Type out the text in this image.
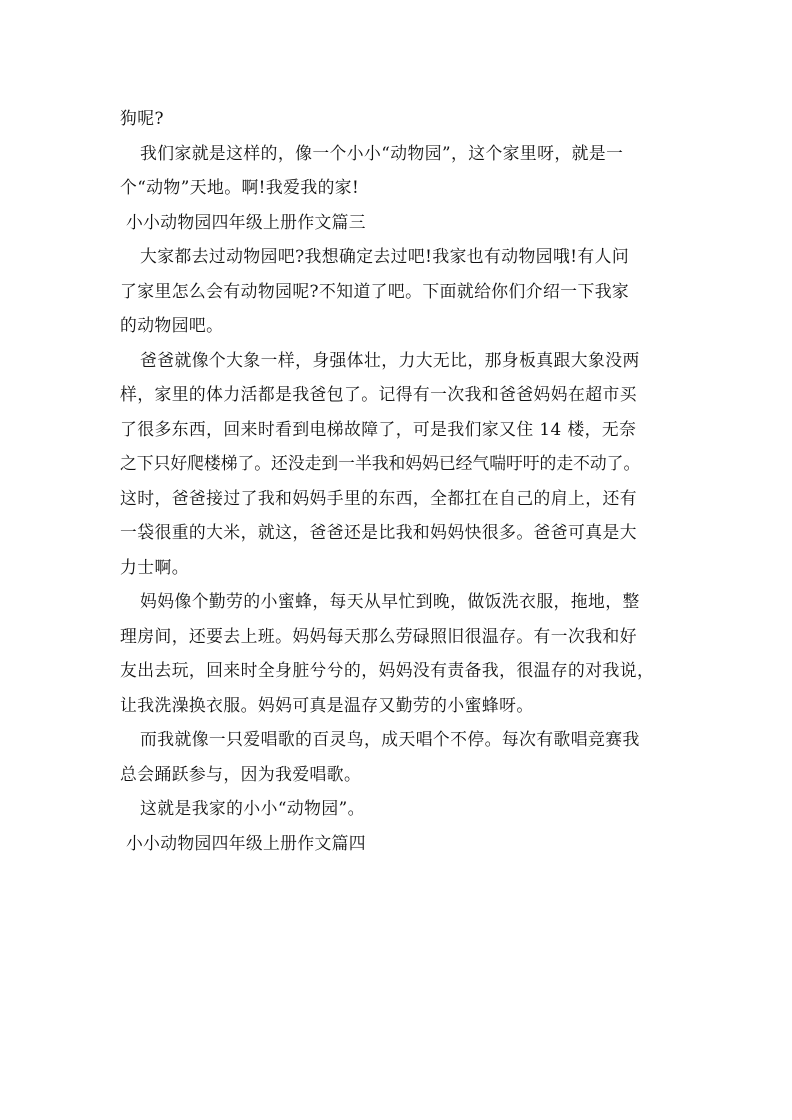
狗呢?
我们家就是这样的，像一个小小“动物园”，这个家里呀，就是一
个“动物”天地。啊!我爱我的家!
小小动物园四年级上册作文篇三
大家都去过动物园吧?我想确定去过吧!我家也有动物园哦!有人问
了家里怎么会有动物园呢?不知道了吧。下面就给你们介绍一下我家
的动物园吧。
爸爸就像个大象一样，身强体壮，力大无比，那身板真跟大象没两
样，家里的体力活都是我爸包了。记得有一次我和爸爸妈妈在超市买
了很多东西，回来时看到电梯故障了，可是我们家又住 14 楼，无奈
之下只好爬楼梯了。还没走到一半我和妈妈已经气喘吁吁的走不动了。
这时，爸爸接过了我和妈妈手里的东西，全都扛在自己的肩上，还有
一袋很重的大米，就这，爸爸还是比我和妈妈快很多。爸爸可真是大
力士啊。
妈妈像个勤劳的小蜜蜂，每天从早忙到晚，做饭洗衣服，拖地，整
理房间，还要去上班。妈妈每天那么劳碌照旧很温存。有一次我和好
友出去玩，回来时全身脏兮兮的，妈妈没有责备我，很温存的对我说，
让我洗澡换衣服。妈妈可真是温存又勤劳的小蜜蜂呀。
而我就像一只爱唱歌的百灵鸟，成天唱个不停。每次有歌唱竞赛我
总会踊跃参与，因为我爱唱歌。
这就是我家的小小“动物园”。
小小动物园四年级上册作文篇四
